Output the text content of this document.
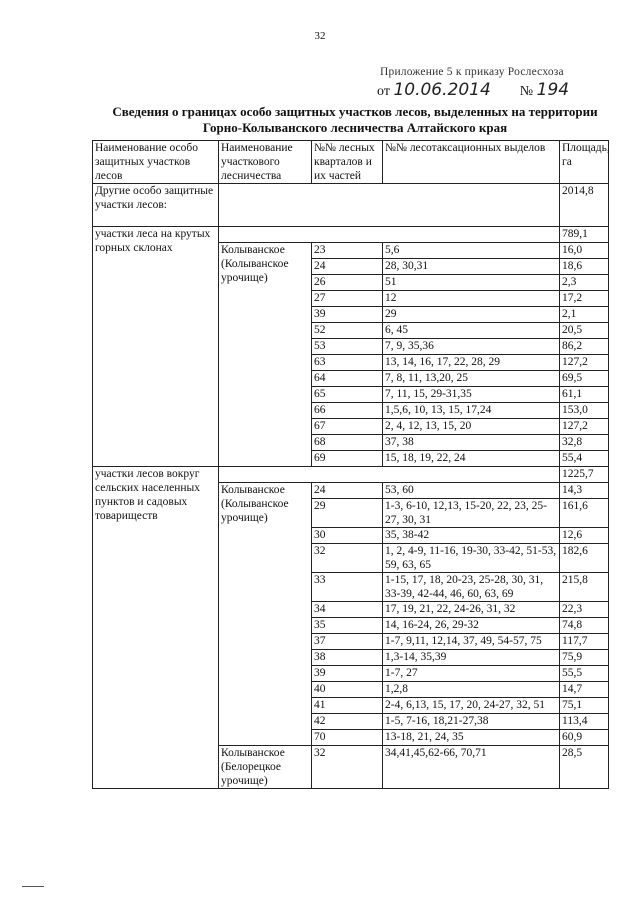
32
Приложение 5 к приказу Рослесхоза
от 10.06.2014 № 194
Сведения о границах особо защитных участков лесов, выделенных на территории Горно-Колыванского лесничества Алтайского края
Наименование особо защитных участков лесов	Наименование участкового лесничества	№№ лесных кварталов и их частей	№№ лесотаксационных выделов	Площадь, га
Другие особо защитные участки лесов:				2014,8
участки леса на крутых горных склонах				789,1
	Колыванское (Колыванское урочище)	23	5,6	16,0
		24	28, 30,31	18,6
		26	51	2,3
		27	12	17,2
		39	29	2,1
		52	6, 45	20,5
		53	7, 9, 35,36	86,2
		63	13, 14, 16, 17, 22, 28, 29	127,2
		64	7, 8, 11, 13,20, 25	69,5
		65	7, 11, 15, 29-31,35	61,1
		66	1,5,6, 10, 13, 15, 17,24	153,0
		67	2, 4, 12, 13, 15, 20	127,2
		68	37, 38	32,8
		69	15, 18, 19, 22, 24	55,4
участки лесов вокруг сельских населенных пунктов и садовых товариществ				1225,7
	Колыванское (Колыванское урочище)	24	53, 60	14,3
		29	1-3, 6-10, 12,13, 15-20, 22, 23, 25-27, 30, 31	161,6
		30	35, 38-42	12,6
		32	1, 2, 4-9, 11-16, 19-30, 33-42, 51-53, 59, 63, 65	182,6
		33	1-15, 17, 18, 20-23, 25-28, 30, 31, 33-39, 42-44, 46, 60, 63, 69	215,8
		34	17, 19, 21, 22, 24-26, 31, 32	22,3
		35	14, 16-24, 26, 29-32	74,8
		37	1-7, 9,11, 12,14, 37, 49, 54-57, 75	117,7
		38	1,3-14, 35,39	75,9
		39	1-7, 27	55,5
		40	1,2,8	14,7
		41	2-4, 6,13, 15, 17, 20, 24-27, 32, 51	75,1
		42	1-5, 7-16, 18,21-27,38	113,4
		70	13-18, 21, 24, 35	60,9
	Колыванское (Белорецкое урочище)	32	34,41,45,62-66, 70,71	28,5
